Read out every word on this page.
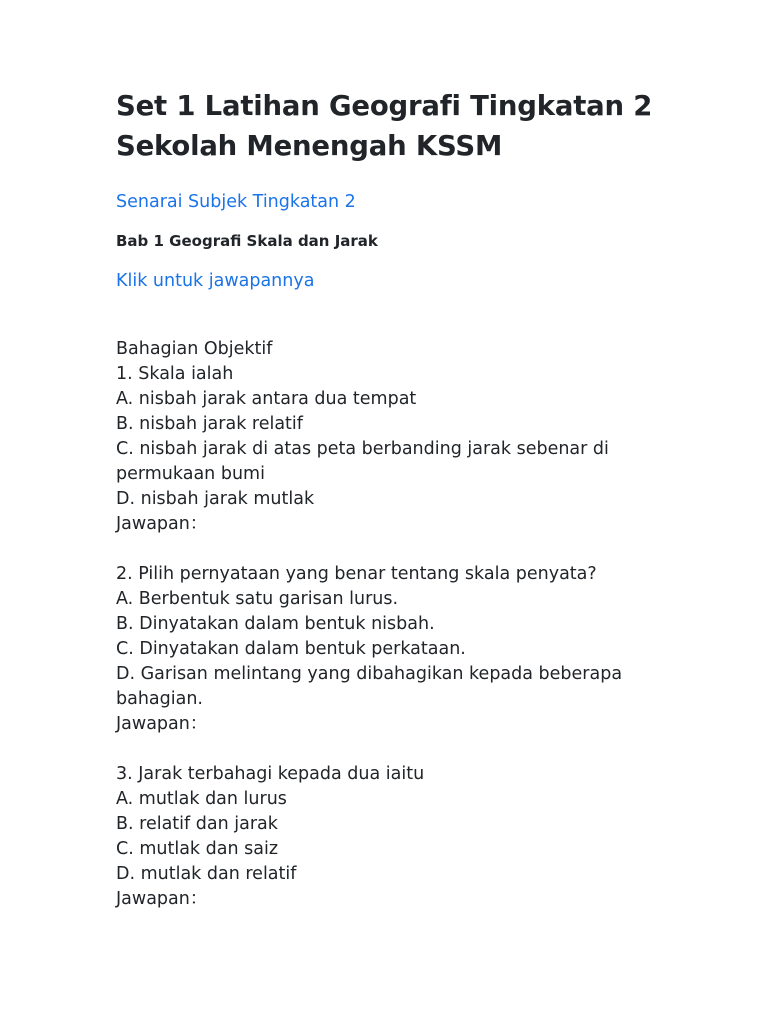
Set 1 Latihan Geografi Tingkatan 2
Sekolah Menengah KSSM
Senarai Subjek Tingkatan 2

Bab 1 Geografi Skala dan Jarak

Klik untuk jawapannya
Bahagian Objektif
1. Skala ialah
A. nisbah jarak antara dua tempat
B. nisbah jarak relatif
C. nisbah jarak di atas peta berbanding jarak sebenar di
permukaan bumi
D. nisbah jarak mutlak
Jawapan：
2. Pilih pernyataan yang benar tentang skala penyata?
A. Berbentuk satu garisan lurus.
B. Dinyatakan dalam bentuk nisbah.
C. Dinyatakan dalam bentuk perkataan.
D. Garisan melintang yang dibahagikan kepada beberapa
bahagian.
Jawapan：
3. Jarak terbahagi kepada dua iaitu
A. mutlak dan lurus
B. relatif dan jarak
C. mutlak dan saiz
D. mutlak dan relatif
Jawapan：
